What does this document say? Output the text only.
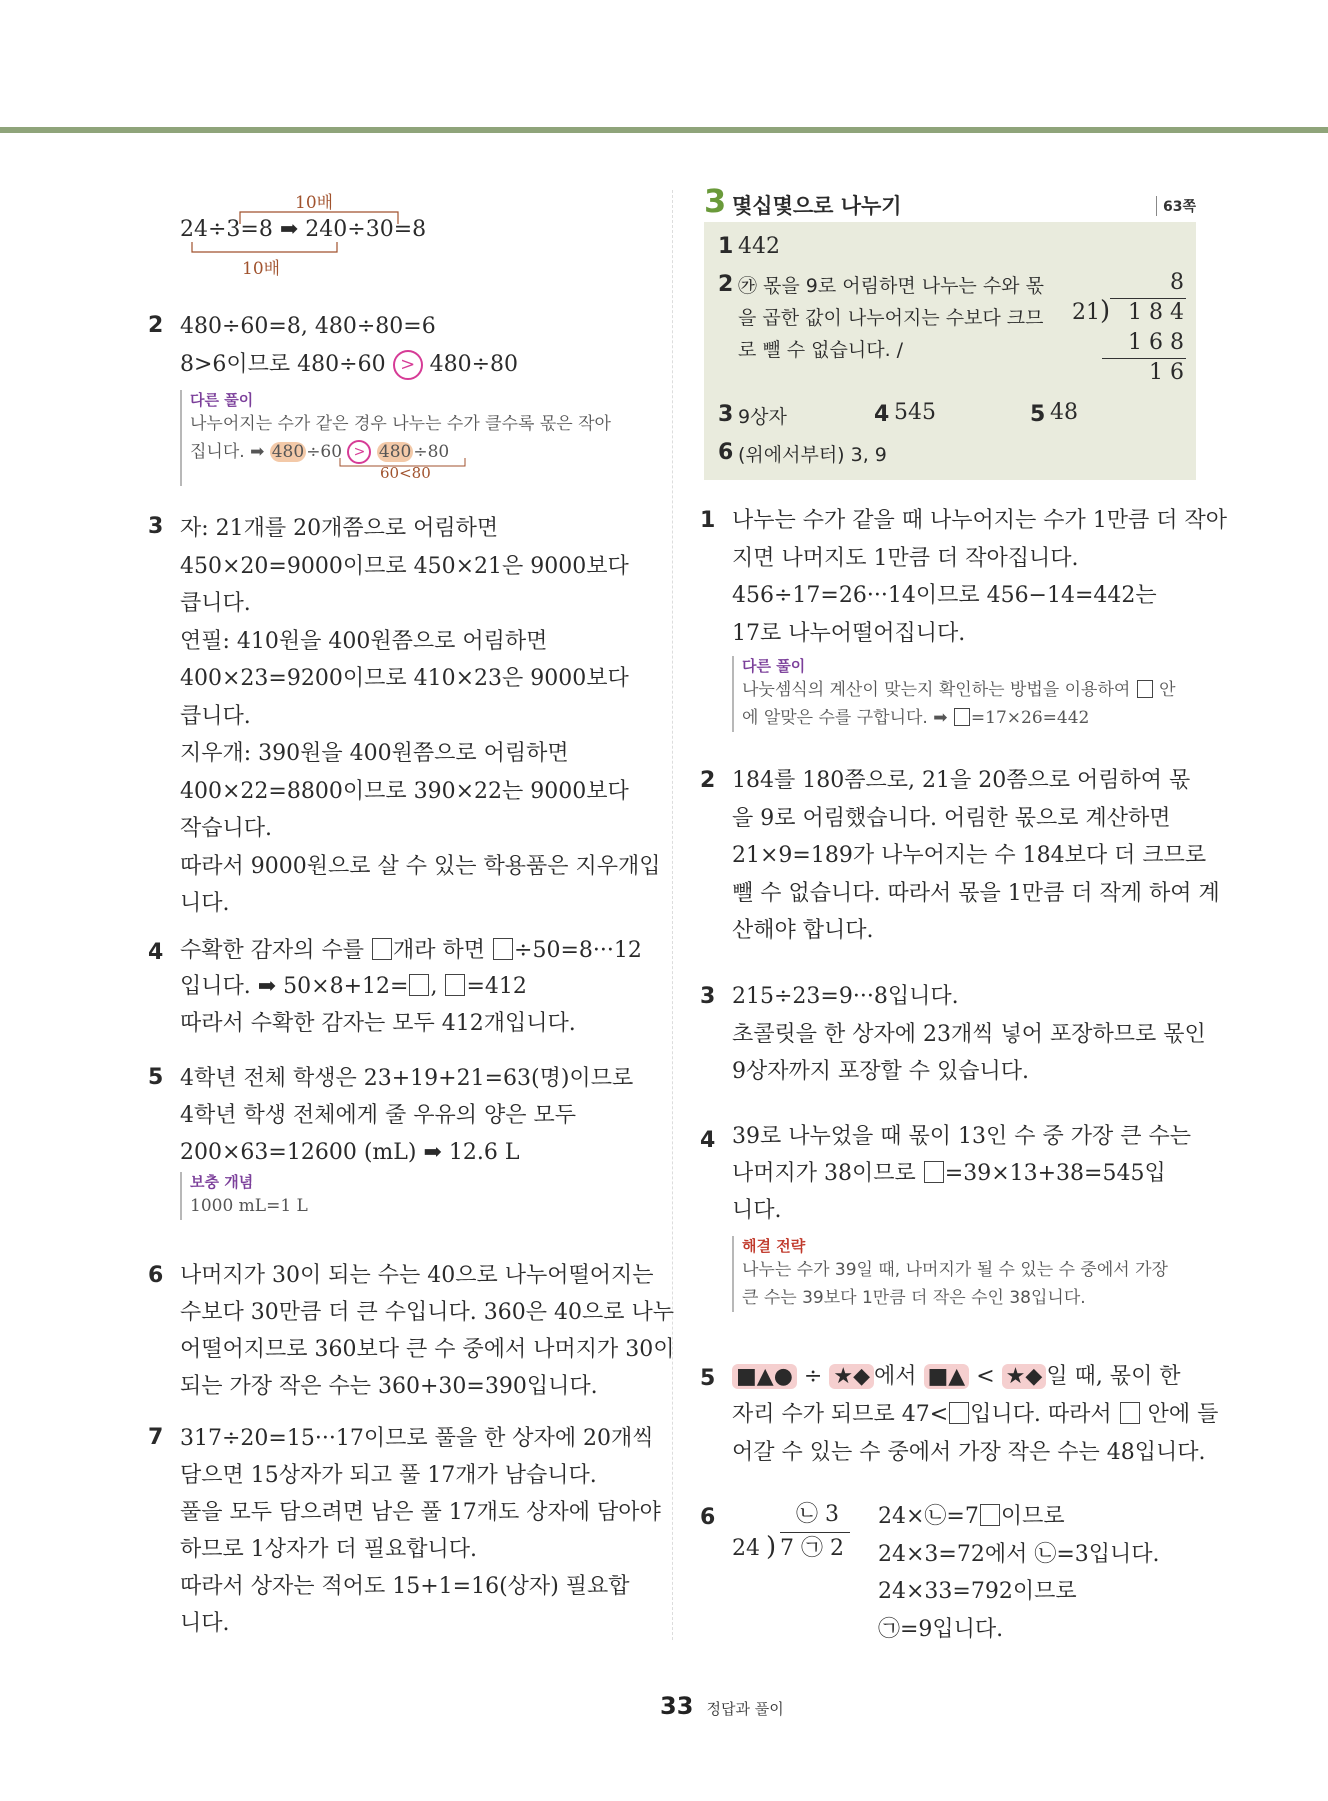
10배
24÷3=8 ➡ 240÷30=8
10배
2 480÷60=8, 480÷80=6
8>6이므로 480÷60 > 480÷80
다른 풀이
나누어지는 수가 같은 경우 나누는 수가 클수록 몫은 작아
집니다. ➡ 480 ÷60 > 480 ÷80
60<80
3 자: 21개를 20개쯤으로 어림하면
450×20=9000이므로 450×21은 9000보다
큽니다.
연필: 410원을 400원쯤으로 어림하면
400×23=9200이므로 410×23은 9000보다
큽니다.
지우개: 390원을 400원쯤으로 어림하면
400×22=8800이므로 390×22는 9000보다
작습니다.
따라서 9000원으로 살 수 있는 학용품은 지우개입
니다.
4 수확한 감자의 수를 개라 하면 ÷50=8···12
입니다. ➡ 50×8+12= , =412
따라서 수확한 감자는 모두 412개입니다.
5 4학년 전체 학생은 23+19+21=63(명)이므로
4학년 학생 전체에게 줄 우유의 양은 모두
200×63=12600 (mL) ➡ 12.6 L
보충 개념
1000 mL=1 L
6 나머지가 30이 되는 수는 40으로 나누어떨어지는
수보다 30만큼 더 큰 수입니다. 360은 40으로 나누
어떨어지므로 360보다 큰 수 중에서 나머지가 30이
되는 가장 작은 수는 360+30=390입니다.
7 317÷20=15···17이므로 풀을 한 상자에 20개씩
담으면 15상자가 되고 풀 17개가 남습니다.
풀을 모두 담으려면 남은 풀 17개도 상자에 담아야
하므로 1상자가 더 필요합니다.
따라서 상자는 적어도 15+1=16(상자) 필요합
니다.
3 몇십몇으로 나누기	63쪽
1 442
2 ㉮ 몫을 9로 어림하면 나누는 수와 몫
을 곱한 값이 나누어지는 수보다 크므
로 뺄 수 없습니다. /
8
21 ) 1 8 4
1 6 8
1 6
3 9상자	4 545	5 48
6 (위에서부터) 3, 9
1 나누는 수가 같을 때 나누어지는 수가 1만큼 더 작아
지면 나머지도 1만큼 더 작아집니다.
456÷17=26···14이므로 456−14=442는
17로 나누어떨어집니다.
다른 풀이
나눗셈식의 계산이 맞는지 확인하는 방법을 이용하여 안
에 알맞은 수를 구합니다. ➡ =17×26=442
2 184를 180쯤으로, 21을 20쯤으로 어림하여 몫
을 9로 어림했습니다. 어림한 몫으로 계산하면
21×9=189가 나누어지는 수 184보다 더 크므로
뺄 수 없습니다. 따라서 몫을 1만큼 더 작게 하여 계
산해야 합니다.
3 215÷23=9···8입니다.
초콜릿을 한 상자에 23개씩 넣어 포장하므로 몫인
9상자까지 포장할 수 있습니다.
4 39로 나누었을 때 몫이 13인 수 중 가장 큰 수는
나머지가 38이므로 =39×13+38=545입
니다.
해결 전략
나누는 수가 39일 때, 나머지가 될 수 있는 수 중에서 가장
큰 수는 39보다 1만큼 더 작은 수인 38입니다.
5 ■▲● ÷ ★◆ 에서 ■▲ < ★◆ 일 때, 몫이 한
자리 수가 되므로 47< 입니다. 따라서 안에 들
어갈 수 있는 수 중에서 가장 작은 수는 48입니다.
6	㉡ 3
24 ) 7 ㉠ 2
24×㉡=7 이므로
24×3=72에서 ㉡=3입니다.
24×33=792이므로
㉠=9입니다.
33 정답과 풀이
